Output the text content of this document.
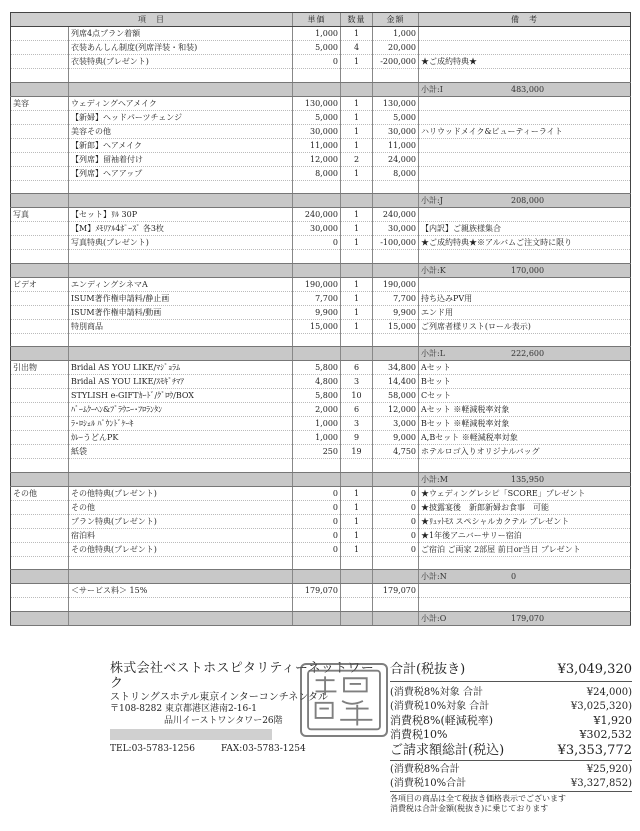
項　目		単価	数量	金額	備　考
	列席4点プラン着額	1,000	1	1,000	
	衣装あんしん制度(列席洋装・和装)	5,000	4	20,000	
	衣装特典(プレゼント)	0	1	-200,000	★ご成約特典★

					小計:I 483,000
美容	ウェディングヘアメイク	130,000	1	130,000	
	【新婦】ヘッドパーツチェンジ	5,000	1	5,000	
	美容その他	30,000	1	30,000	ハリウッドメイク&ビューティーライト
	【新郎】ヘアメイク	11,000	1	11,000	
	【列席】留袖着付け	12,000	2	24,000	
	【列席】ヘアアップ	8,000	1	8,000	

					小計:J 208,000
写真	【セット】ﾘﾙ 30P	240,000	1	240,000	
	【M】ﾒﾓﾘｱﾙ4ﾎﾟｰｽﾞ 各3枚	30,000	1	30,000	【内訳】ご親族様集合
	写真特典(プレゼント)	0	1	-100,000	★ご成約特典★※アルバムご注文時に限り

					小計:K 170,000
ビデオ	エンディングシネマA	190,000	1	190,000	
	ISUM著作権申請料/静止画	7,700	1	7,700	持ち込みPV用
	ISUM著作権申請料/動画	9,900	1	9,900	エンド用
	特別商品	15,000	1	15,000	ご列席者様リスト(ロール表示)

					小計:L 222,600
引出物	Bridal AS YOU LIKE/ﾏｼﾞｮﾗﾑ	5,800	6	34,800	Aセット
	Bridal AS YOU LIKE/ｽﾓｷﾞﾁﾏｱ	4,800	3	14,400	Bセット
	STYLISH e-GIFTｶｰﾄﾞ/ｸﾞﾛｳ/BOX	5,800	10	58,000	Cセット
	ﾊﾞｰﾑｸｰﾍﾝ&ﾌﾞﾗｳﾆｰ･ﾌﾛﾗﾝﾀﾝ	2,000	6	12,000	Aセット ※軽減税率対象
	ﾗ･ﾛｼｪﾙ ﾊﾟｳﾝﾄﾞｹｰｷ	1,000	3	3,000	Bセット ※軽減税率対象
	ｶﾚｰうどんPK	1,000	9	9,000	A,Bセット ※軽減税率対象
	紙袋	250	19	4,750	ホテルロゴ入りオリジナルバッグ

					小計:M 135,950
その他	その他特典(プレゼント)	0	1	0	★ウェディングレシピ「SCORE」プレゼント
	その他	0	1	0	★披露宴後　新郎新婦お食事　可能
	プラン特典(プレゼント)	0	1	0	★ﾘｭｯﾄﾓｽ スペシャルカクテル プレゼント
	宿泊料	0	1	0	★1年後アニバーサリー宿泊
	その他特典(プレゼント)	0	1	0	ご宿泊 ご両家 2部屋 前日or当日 プレゼント

					小計:N 0
	＜サービス料＞ 15%	179,070		179,070	

					小計:O 179,070
株式会社ベストホスピタリティーネットワーク
ストリングスホテル東京インターコンチネンタル
〒108-8282 東京都港区港南2-16-1
品川イーストワンタワー26階
TEL:03-5783-1256	FAX:03-5783-1254
合計(税抜き)	¥3,049,320
(消費税8%対象 合計	¥24,000)
(消費税10%対象 合計	¥3,025,320)
消費税8%(軽減税率)	¥1,920
消費税10%	¥302,532
ご請求額総計(税込)	¥3,353,772
(消費税8%合計	¥25,920)
(消費税10%合計	¥3,327,852)
各項目の商品は全て税抜き価格表示でございます
消費税は合計金額(税抜き)に乗じております
